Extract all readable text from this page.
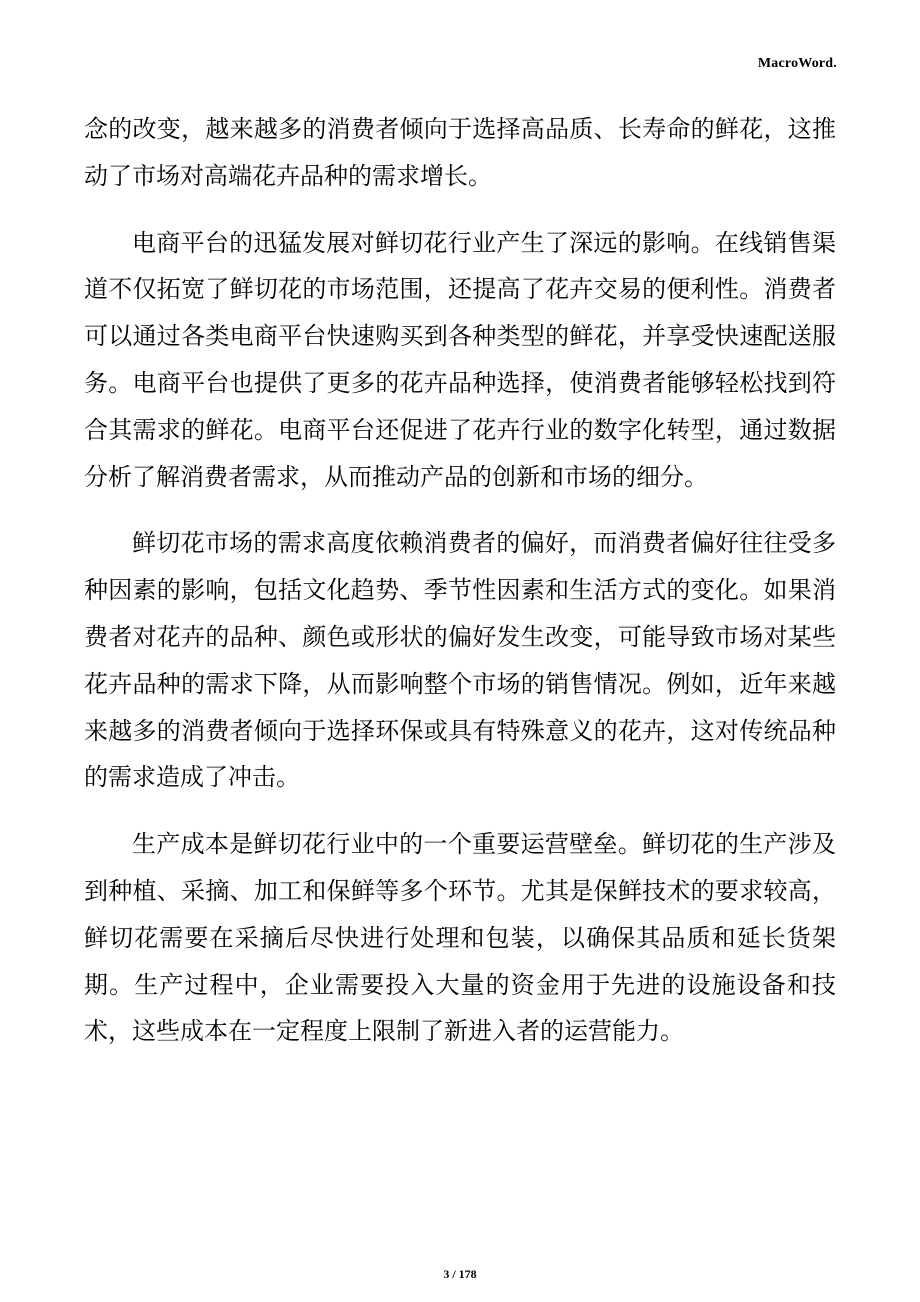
MacroWord.

念的改变，越来越多的消费者倾向于选择高品质、长寿命的鲜花，这推动了市场对高端花卉品种的需求增长。

电商平台的迅猛发展对鲜切花行业产生了深远的影响。在线销售渠道不仅拓宽了鲜切花的市场范围，还提高了花卉交易的便利性。消费者可以通过各类电商平台快速购买到各种类型的鲜花，并享受快速配送服务。电商平台也提供了更多的花卉品种选择，使消费者能够轻松找到符合其需求的鲜花。电商平台还促进了花卉行业的数字化转型，通过数据分析了解消费者需求，从而推动产品的创新和市场的细分。

鲜切花市场的需求高度依赖消费者的偏好，而消费者偏好往往受多种因素的影响，包括文化趋势、季节性因素和生活方式的变化。如果消费者对花卉的品种、颜色或形状的偏好发生改变，可能导致市场对某些花卉品种的需求下降，从而影响整个市场的销售情况。例如，近年来越来越多的消费者倾向于选择环保或具有特殊意义的花卉，这对传统品种的需求造成了冲击。

生产成本是鲜切花行业中的一个重要运营壁垒。鲜切花的生产涉及到种植、采摘、加工和保鲜等多个环节。尤其是保鲜技术的要求较高，鲜切花需要在采摘后尽快进行处理和包装，以确保其品质和延长货架期。生产过程中，企业需要投入大量的资金用于先进的设施设备和技术，这些成本在一定程度上限制了新进入者的运营能力。

3 / 178
